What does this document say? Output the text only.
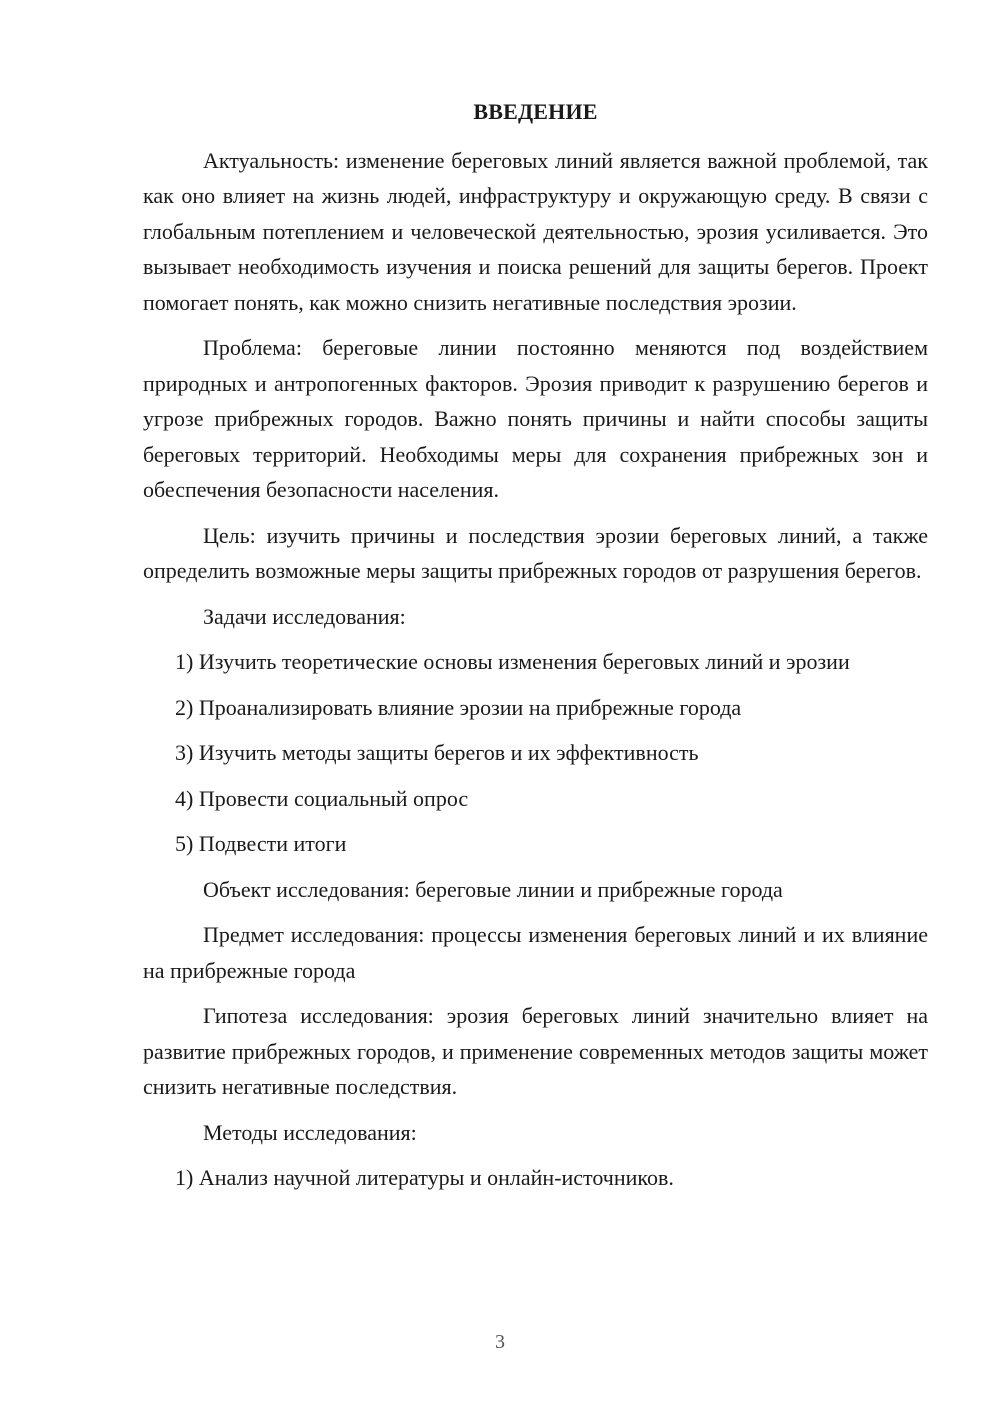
ВВЕДЕНИЕ

Актуальность: изменение береговых линий является важной проблемой, так как оно влияет на жизнь людей, инфраструктуру и окружающую среду. В связи с глобальным потеплением и человеческой деятельностью, эрозия усиливается. Это вызывает необходимость изучения и поиска решений для защиты берегов. Проект помогает понять, как можно снизить негативные последствия эрозии.

Проблема: береговые линии постоянно меняются под воздействием природных и антропогенных факторов. Эрозия приводит к разрушению берегов и угрозе прибрежных городов. Важно понять причины и найти способы защиты береговых территорий. Необходимы меры для сохранения прибрежных зон и обеспечения безопасности населения.

Цель: изучить причины и последствия эрозии береговых линий, а также определить возможные меры защиты прибрежных городов от разрушения берегов.

Задачи исследования:

1) Изучить теоретические основы изменения береговых линий и эрозии

2) Проанализировать влияние эрозии на прибрежные города

3) Изучить методы защиты берегов и их эффективность

4) Провести социальный опрос

5) Подвести итоги

Объект исследования: береговые линии и прибрежные города

Предмет исследования: процессы изменения береговых линий и их влияние на прибрежные города

Гипотеза исследования: эрозия береговых линий значительно влияет на развитие прибрежных городов, и применение современных методов защиты может снизить негативные последствия.

Методы исследования:

1) Анализ научной литературы и онлайн-источников.

3
